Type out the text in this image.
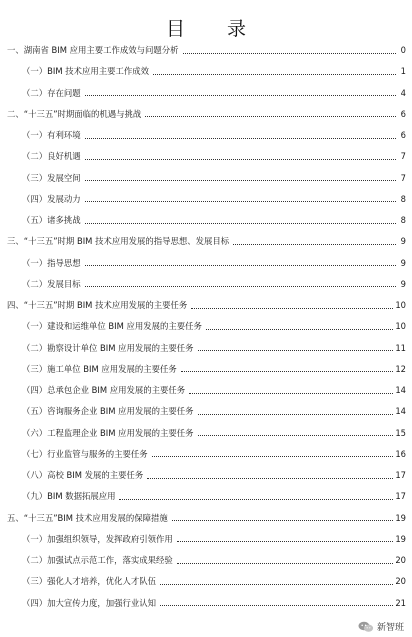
目 录
一、湖南省 BIM 应用主要工作成效与问题分析	0
（一）BIM 技术应用主要工作成效	1
（二）存在问题	4
二、“十三五”时期面临的机遇与挑战	6
（一）有利环境	6
（二）良好机遇	7
（三）发展空间	7
（四）发展动力	8
（五）诸多挑战	8
三、“十三五”时期 BIM 技术应用发展的指导思想、发展目标	9
（一）指导思想	9
（二）发展目标	9
四、“十三五”时期 BIM 技术应用发展的主要任务	10
（一）建设和运维单位 BIM 应用发展的主要任务	10
（二）勘察设计单位 BIM 应用发展的主要任务	11
（三）施工单位 BIM 应用发展的主要任务	12
（四）总承包企业 BIM 应用发展的主要任务	14
（五）咨询服务企业 BIM 应用发展的主要任务	14
（六）工程监理企业 BIM 应用发展的主要任务	15
（七）行业监管与服务的主要任务	16
（八）高校 BIM 发展的主要任务	17
（九）BIM 数据拓展应用	17
五、“十三五”BIM 技术应用发展的保障措施	19
（一）加强组织领导，发挥政府引领作用	19
（二）加强试点示范工作，落实成果经验	20
（三）强化人才培养，优化人才队伍	20
（四）加大宣传力度，加强行业认知	21
新智班
